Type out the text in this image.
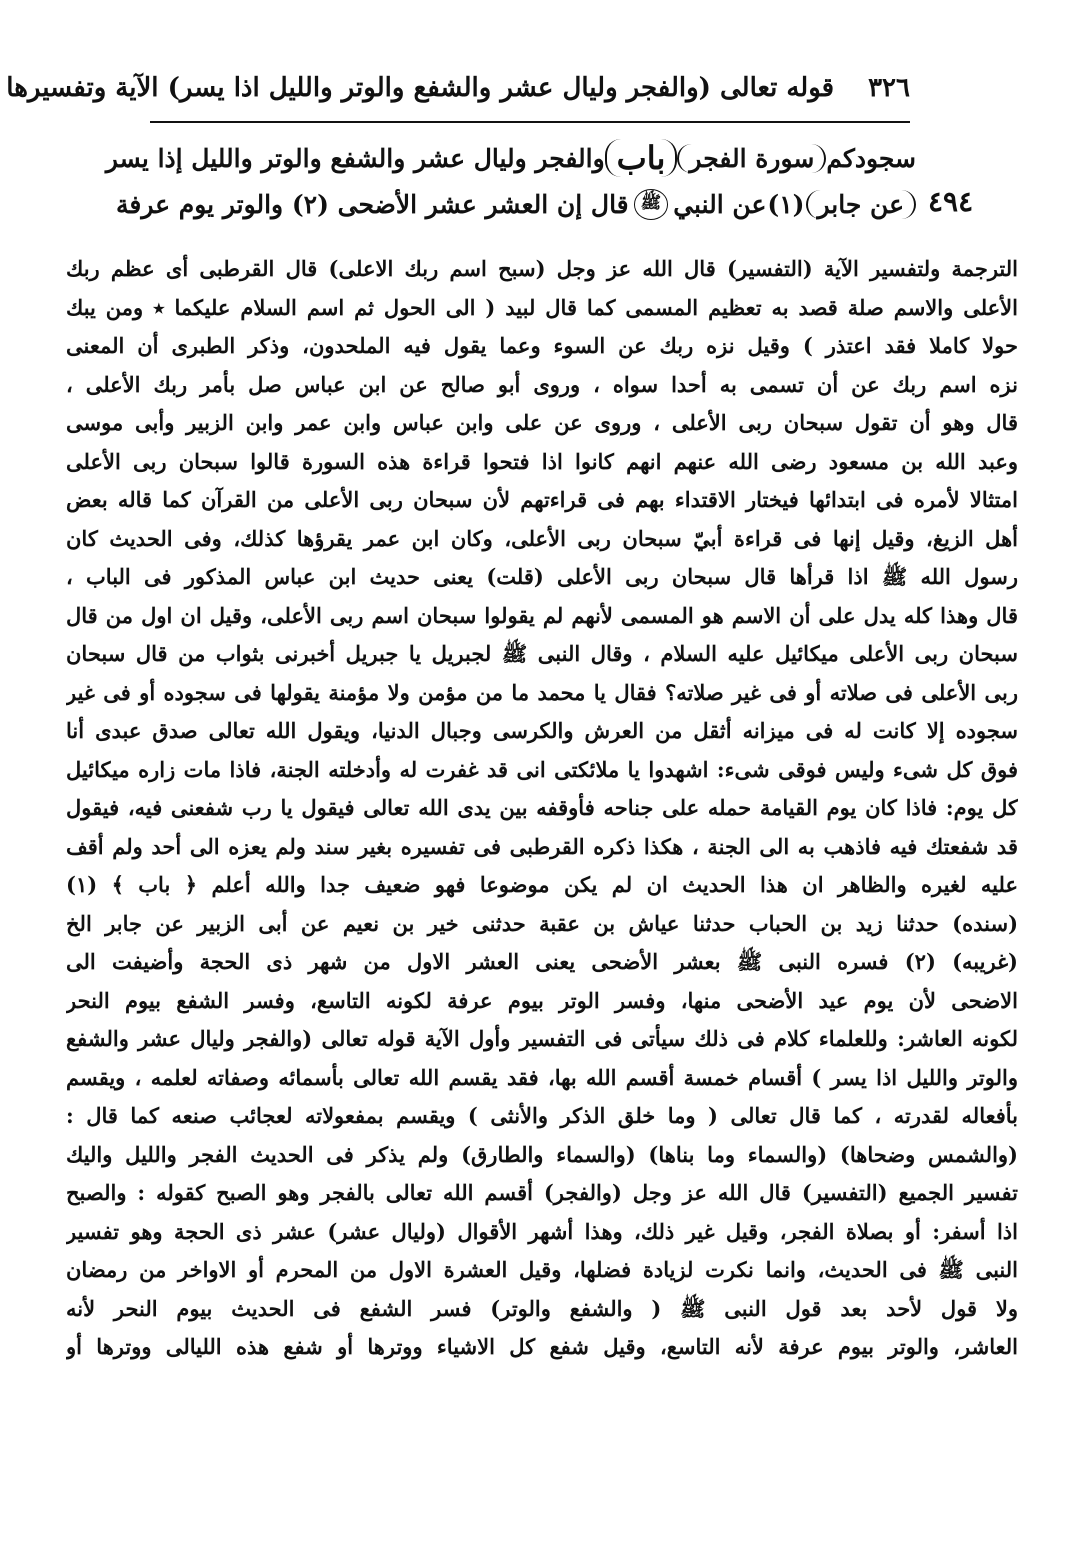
٣٢٦
قوله تعالى (والفجر وليال عشر والشفع والوتر والليل اذا يسر) الآية وتفسيرها
سجودكم
سورة الفجر
باب
والفجر وليال عشر والشفع والوتر والليل إذا يسر
عن جابر
(١)
عن النبي
ﷺ
قال إن العشر عشر الأضحى (٢) والوتر يوم عرفة	٤٩٤
الترجمة ولتفسير الآية (التفسير) قال الله عز وجل (سبح اسم ربك الاعلى) قال القرطبى أى عظم ربك
الأعلى والاسم صلة قصد به تعظيم المسمى كما قال لبيد ( الى الحول ثم اسم السلام عليكما ٭ ومن يبك
حولا كاملا فقد اعتذر ) وقيل نزه ربك عن السوء وعما يقول فيه الملحدون، وذكر الطبرى أن المعنى
نزه اسم ربك عن أن تسمى به أحدا سواه ، وروى أبو صالح عن ابن عباس صل بأمر ربك الأعلى ،
قال وهو أن تقول سبحان ربى الأعلى ، وروى عن على وابن عباس وابن عمر وابن الزبير وأبى موسى
وعبد الله بن مسعود رضى الله عنهم انهم كانوا اذا فتحوا قراءة هذه السورة قالوا سبحان ربى الأعلى
امتثالا لأمره فى ابتدائها فيختار الاقتداء بهم فى قراءتهم لأن سبحان ربى الأعلى من القرآن كما قاله بعض
أهل الزيغ، وقيل إنها فى قراءة أبيّ سبحان ربى الأعلى، وكان ابن عمر يقرؤها كذلك، وفى الحديث كان
رسول الله ﷺ اذا قرأها قال سبحان ربى الأعلى (قلت) يعنى حديث ابن عباس المذكور فى الباب ،
قال وهذا كله يدل على أن الاسم هو المسمى لأنهم لم يقولوا سبحان اسم ربى الأعلى، وقيل ان اول من قال
سبحان ربى الأعلى ميكائيل عليه السلام ، وقال النبى ﷺ لجبريل يا جبريل أخبرنى بثواب من قال سبحان
ربى الأعلى فى صلاته أو فى غير صلاته؟ فقال يا محمد ما من مؤمن ولا مؤمنة يقولها فى سجوده أو فى غير
سجوده إلا كانت له فى ميزانه أثقل من العرش والكرسى وجبال الدنيا، ويقول الله تعالى صدق عبدى أنا
فوق كل شىء وليس فوقى شىء: اشهدوا يا ملائكتى انى قد غفرت له وأدخلته الجنة، فاذا مات زاره ميكائيل
كل يوم: فاذا كان يوم القيامة حمله على جناحه فأوقفه بين يدى الله تعالى فيقول يا رب شفعنى فيه، فيقول
قد شفعتك فيه فاذهب به الى الجنة ، هكذا ذكره القرطبى فى تفسيره بغير سند ولم يعزه الى أحد ولم أقف
عليه لغيره والظاهر ان هذا الحديث ان لم يكن موضوعا فهو ضعيف جدا والله أعلم ﴿ باب ﴾ (١)
(سنده) حدثنا زيد بن الحباب حدثنا عياش بن عقبة حدثنى خير بن نعيم عن أبى الزبير عن جابر الخ
(غريبه) (٢) فسره النبى ﷺ بعشر الأضحى يعنى العشر الاول من شهر ذى الحجة وأضيفت الى
الاضحى لأن يوم عيد الأضحى منها، وفسر الوتر بيوم عرفة لكونه التاسع، وفسر الشفع بيوم النحر
لكونه العاشر: وللعلماء كلام فى ذلك سيأتى فى التفسير وأول الآية قوله تعالى (والفجر وليال عشر والشفع
والوتر والليل اذا يسر ) أقسام خمسة أقسم الله بها، فقد يقسم الله تعالى بأسمائه وصفاته لعلمه ، ويقسم
بأفعاله لقدرته ، كما قال تعالى ( وما خلق الذكر والأنثى ) ويقسم بمفعولاته لعجائب صنعه كما قال :
(والشمس وضحاها) (والسماء وما بناها) (والسماء والطارق) ولم يذكر فى الحديث الفجر والليل واليك
تفسير الجميع (التفسير) قال الله عز وجل (والفجر) أقسم الله تعالى بالفجر وهو الصبح كقوله : والصبح
اذا أسفر: أو بصلاة الفجر، وقيل غير ذلك، وهذا أشهر الأقوال (وليال عشر) عشر ذى الحجة وهو تفسير
النبى ﷺ فى الحديث، وانما نكرت لزيادة فضلها، وقيل العشرة الاول من المحرم أو الاواخر من رمضان
ولا قول لأحد بعد قول النبى ﷺ ( والشفع والوتر) فسر الشفع فى الحديث بيوم النحر لأنه
العاشر، والوتر بيوم عرفة لأنه التاسع، وقيل شفع كل الاشياء ووترها أو شفع هذه الليالى ووترها أو
